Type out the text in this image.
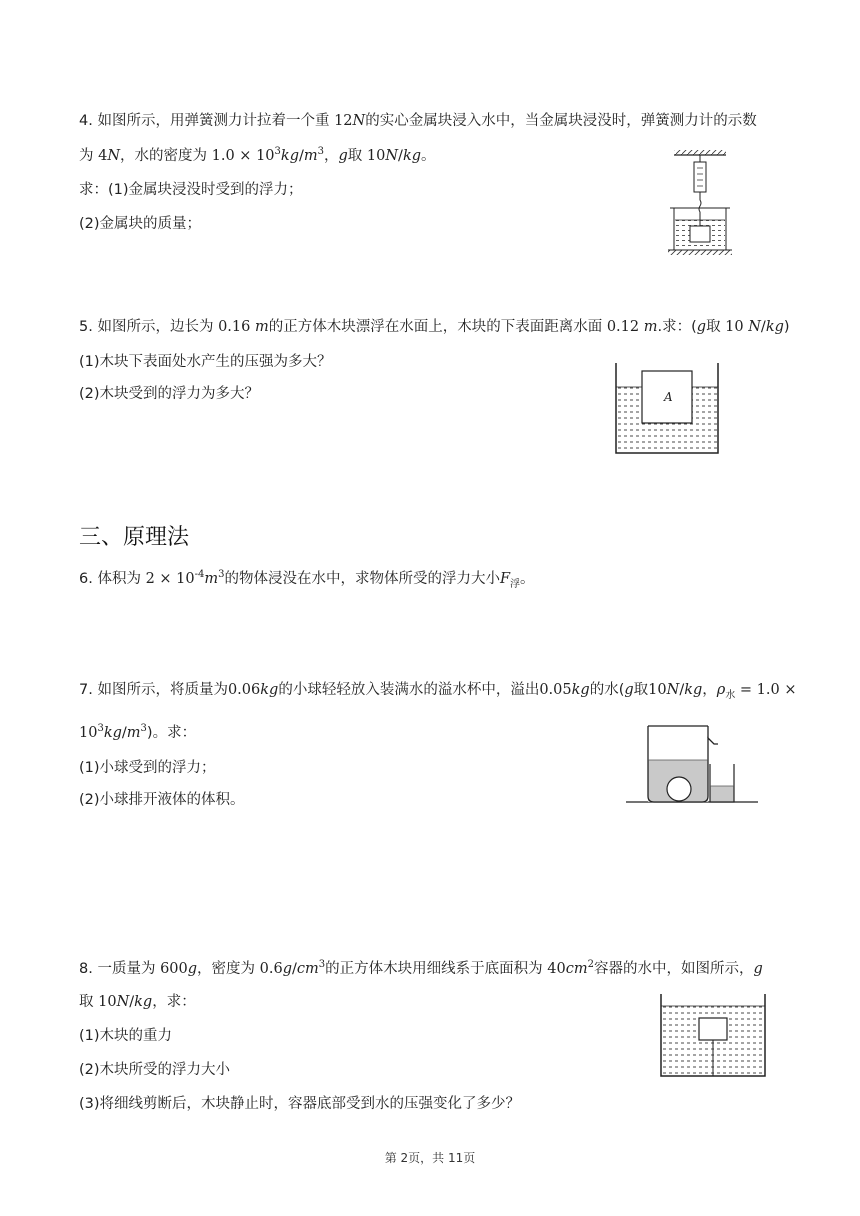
4. 如图所示，用弹簧测力计拉着一个重 12N的实心金属块浸入水中，当金属块浸没时，弹簧测力计的示数
为 4N，水的密度为 $1.0 \times 10^3kg/m^3$，g取 10N/kg。
求：(1)金属块浸没时受到的浮力；
(2)金属块的质量；
5. 如图所示，边长为 0.16 m的正方体木块漂浮在水面上，木块的下表面距离水面 0.12 m.求：(g取 10 N/kg)
(1)木块下表面处水产生的压强为多大？
(2)木块受到的浮力为多大？	A
三、原理法
6. 体积为 $2 \times 10^{-4}m^3$的物体浸没在水中，求物体所受的浮力大小$F_浮$。
7. 如图所示，将质量为0.06kg的小球轻轻放入装满水的溢水杯中，溢出0.05kg的水(g取10N/kg，$\rho_水 = 1.0$ ×
$10^3kg/m^3$)。求：
(1)小球受到的浮力；
(2)小球排开液体的体积。
8. 一质量为 600g，密度为 $0.6g/cm^3$的正方体木块用细线系于底面积为 $40cm^2$容器的水中，如图所示，g
取 10N/kg，求：
(1)木块的重力
(2)木块所受的浮力大小
(3)将细线剪断后，木块静止时，容器底部受到水的压强变化了多少？
第 2页，共 11页
